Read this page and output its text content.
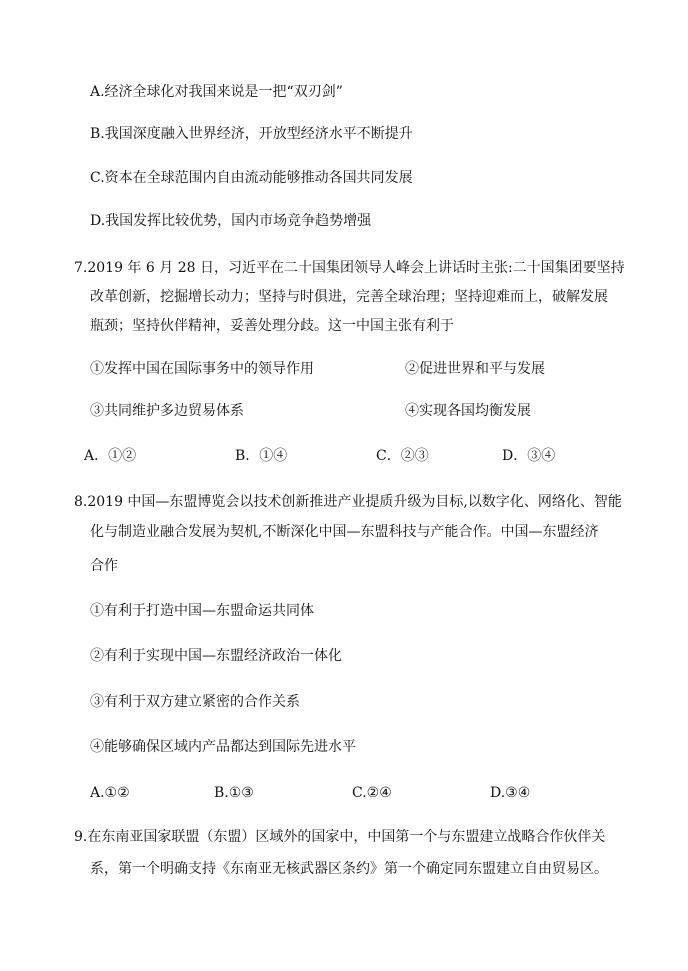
A.经济全球化对我国来说是一把“双刃剑”
B.我国深度融入世界经济，开放型经济水平不断提升
C.资本在全球范围内自由流动能够推动各国共同发展
D.我国发挥比较优势，国内市场竞争趋势增强
7.2019 年 6 月 28 日，习近平在二十国集团领导人峰会上讲话时主张:二十国集团要坚持
改革创新，挖掘增长动力；坚持与时俱进，完善全球治理；坚持迎难而上，破解发展
瓶颈；坚持伙伴精神，妥善处理分歧。这一中国主张有利于
①发挥中国在国际事务中的领导作用	②促进世界和平与发展
③共同维护多边贸易体系	④实现各国均衡发展
A．①②	B．①④	C．②③	D．③④
8.2019 中国—东盟博览会以技术创新推进产业提质升级为目标,以数字化、网络化、智能
化与制造业融合发展为契机,不断深化中国—东盟科技与产能合作。中国—东盟经济
合作
①有利于打造中国—东盟命运共同体
②有利于实现中国—东盟经济政治一体化
③有利于双方建立紧密的合作关系
④能够确保区域内产品都达到国际先进水平
A.①②	B.①③	C.②④	D.③④
9.在东南亚国家联盟（东盟）区域外的国家中，中国第一个与东盟建立战略合作伙伴关
系，第一个明确支持《东南亚无核武器区条约》第一个确定同东盟建立自由贸易区。
